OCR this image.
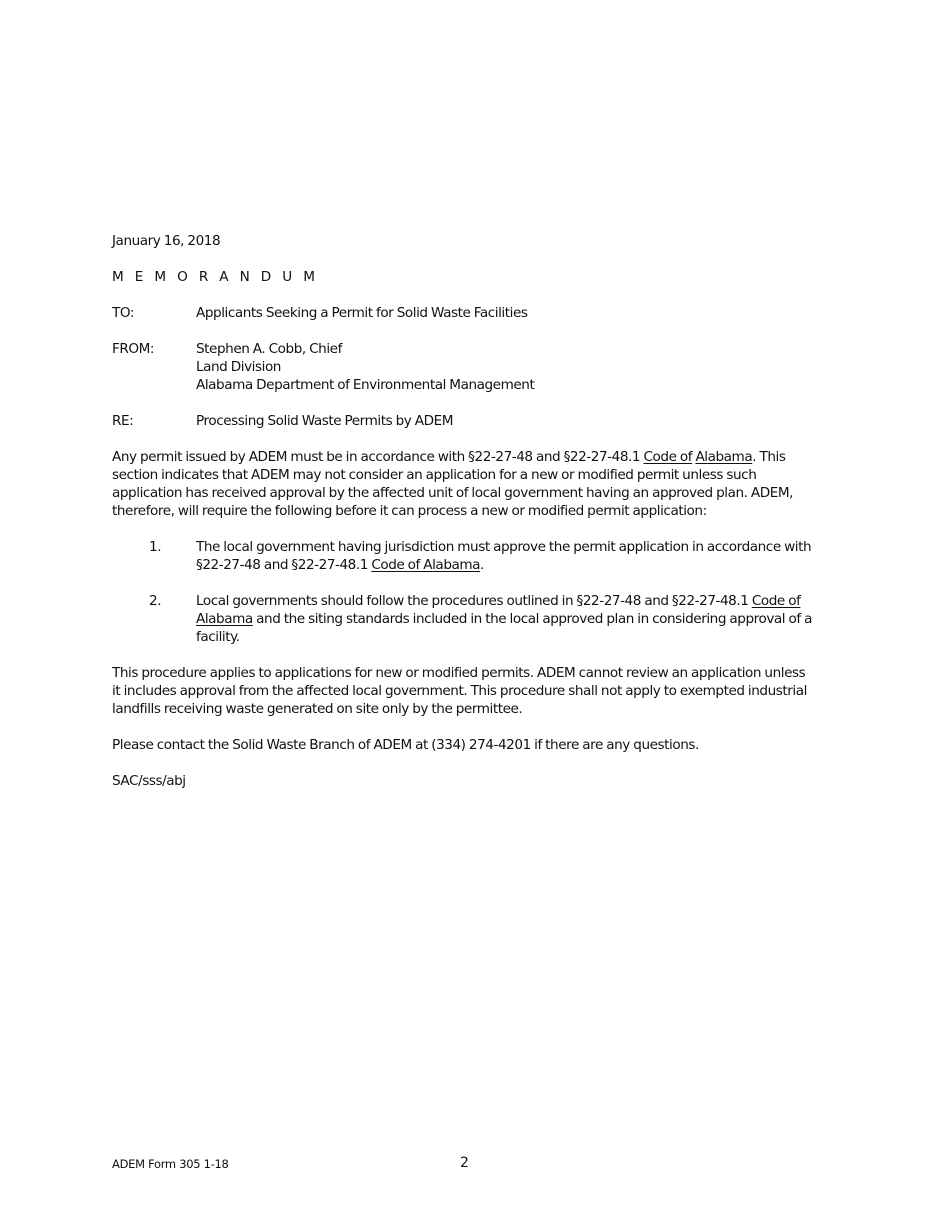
January 16, 2018
M E M O R A N D U M
TO:	Applicants Seeking a Permit for Solid Waste Facilities
FROM:	Stephen A. Cobb, Chief
Land Division
Alabama Department of Environmental Management
RE:	Processing Solid Waste Permits by ADEM
Any permit issued by ADEM must be in accordance with §22-27-48 and §22-27-48.1 Code of Alabama. This
section indicates that ADEM may not consider an application for a new or modified permit unless such
application has received approval by the affected unit of local government having an approved plan. ADEM,
therefore, will require the following before it can process a new or modified permit application:
1.	The local government having jurisdiction must approve the permit application in accordance with
§22-27-48 and §22-27-48.1 Code of Alabama.
2.	Local governments should follow the procedures outlined in §22-27-48 and §22-27-48.1 Code of
Alabama and the siting standards included in the local approved plan in considering approval of a
facility.
This procedure applies to applications for new or modified permits. ADEM cannot review an application unless
it includes approval from the affected local government. This procedure shall not apply to exempted industrial
landfills receiving waste generated on site only by the permittee.
Please contact the Solid Waste Branch of ADEM at (334) 274-4201 if there are any questions.
SAC/sss/abj
ADEM Form 305 1-18	2
